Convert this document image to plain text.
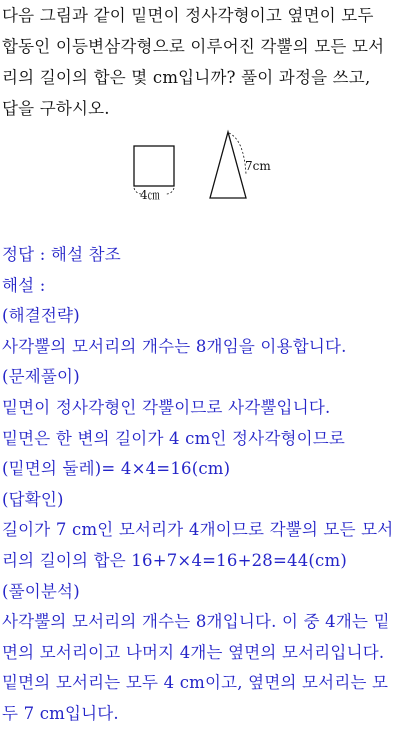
다음 그림과 같이 밑면이 정사각형이고 옆면이 모두
합동인 이등변삼각형으로 이루어진 각뿔의 모든 모서
리의 길이의 합은 몇 cm입니까? 풀이 과정을 쓰고,
답을 구하시오.
4㎝
7cm
정답 : 해설 참조
해설 :
(해결전략)
사각뿔의 모서리의 개수는 8개임을 이용합니다.
(문제풀이)
밑면이 정사각형인 각뿔이므로 사각뿔입니다.
밑면은 한 변의 길이가 4 cm인 정사각형이므로
(밑면의 둘레)= 4×4=16(cm)
(답확인)
길이가 7 cm인 모서리가 4개이므로 각뿔의 모든 모서
리의 길이의 합은 16+7×4=16+28=44(cm)
(풀이분석)
사각뿔의 모서리의 개수는 8개입니다. 이 중 4개는 밑
면의 모서리이고 나머지 4개는 옆면의 모서리입니다.
밑면의 모서리는 모두 4 cm이고, 옆면의 모서리는 모
두 7 cm입니다.
